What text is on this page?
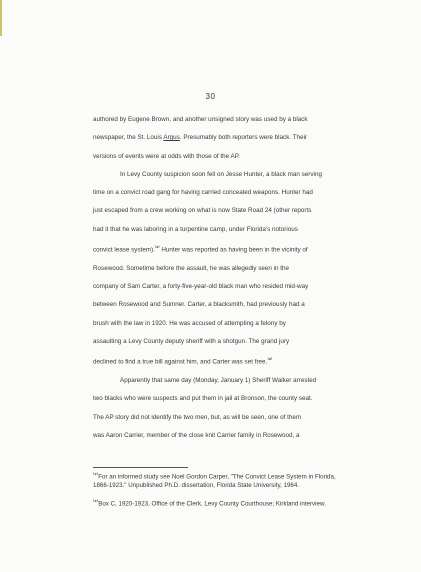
30

authored by Eugene Brown, and another unsigned story was used by a black
newspaper, the St. Louis Argus. Presumably both reporters were black. Their
versions of events were at odds with those of the AP.

In Levy County suspicion soon fell on Jesse Hunter, a black man serving
time on a convict road gang for having carried concealed weapons. Hunter had
just escaped from a crew working on what is now State Road 24 (other reports
had it that he was laboring in a turpentine camp, under Florida's notorious
convict lease system).$^{^{181}}$ Hunter was reported as having been in the vicinity of
Rosewood. Sometime before the assault, he was allegedly seen in the
company of Sam Carter, a forty-five-year-old black man who resided mid-way
between Rosewood and Sumner. Carter, a blacksmith, had previously had a
brush with the law in 1920. He was accused of attempting a felony by
assaulting a Levy County deputy sheriff with a shotgun. The grand jury
declined to find a true bill against him, and Carter was set free.$^{^{182}}$

Apparently that same day (Monday, January 1) Sheriff Walker arrested
two blacks who were suspects and put them in jail at Bronson, the county seat.
The AP story did not identify the two men, but, as will be seen, one of them
was Aaron Carrier, member of the close knit Carrier family in Rosewood, a

$^{^{181}}$For an informed study see Noel Gordon Carper, "The Convict Lease System in Florida, 1866-1923." Unpublished Ph.D. dissertation, Florida State University, 1964.

$^{^{182}}$Box C, 1920-1923, Office of the Clerk, Levy County Courthouse; Kirkland interview.
